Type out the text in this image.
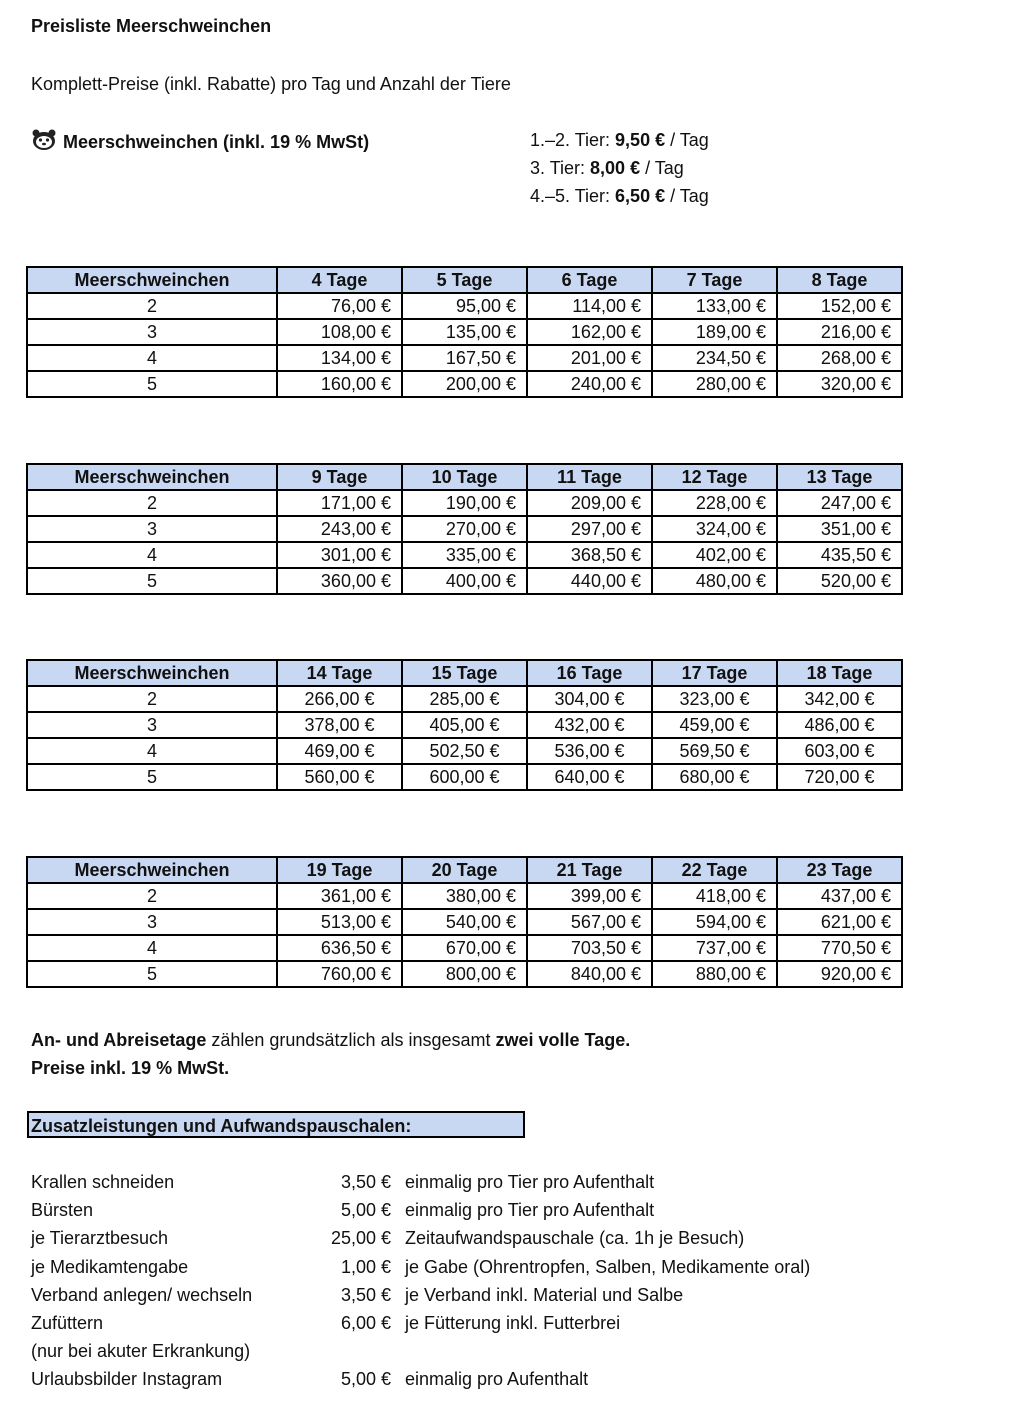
Preisliste Meerschweinchen
Komplett-Preise (inkl. Rabatte) pro Tag und Anzahl der Tiere
Meerschweinchen (inkl. 19 % MwSt)	1.–2. Tier: 9,50 € / Tag
3. Tier: 8,00 € / Tag
4.–5. Tier: 6,50 € / Tag
Meerschweinchen	4 Tage	5 Tage	6 Tage	7 Tage	8 Tage
2	76,00 €	95,00 €	114,00 €	133,00 €	152,00 €
3	108,00 €	135,00 €	162,00 €	189,00 €	216,00 €
4	134,00 €	167,50 €	201,00 €	234,50 €	268,00 €
5	160,00 €	200,00 €	240,00 €	280,00 €	320,00 €
Meerschweinchen	9 Tage	10 Tage	11 Tage	12 Tage	13 Tage
2	171,00 €	190,00 €	209,00 €	228,00 €	247,00 €
3	243,00 €	270,00 €	297,00 €	324,00 €	351,00 €
4	301,00 €	335,00 €	368,50 €	402,00 €	435,50 €
5	360,00 €	400,00 €	440,00 €	480,00 €	520,00 €
Meerschweinchen	14 Tage	15 Tage	16 Tage	17 Tage	18 Tage
2	266,00 €	285,00 €	304,00 €	323,00 €	342,00 €
3	378,00 €	405,00 €	432,00 €	459,00 €	486,00 €
4	469,00 €	502,50 €	536,00 €	569,50 €	603,00 €
5	560,00 €	600,00 €	640,00 €	680,00 €	720,00 €
Meerschweinchen	19 Tage	20 Tage	21 Tage	22 Tage	23 Tage
2	361,00 €	380,00 €	399,00 €	418,00 €	437,00 €
3	513,00 €	540,00 €	567,00 €	594,00 €	621,00 €
4	636,50 €	670,00 €	703,50 €	737,00 €	770,50 €
5	760,00 €	800,00 €	840,00 €	880,00 €	920,00 €
An- und Abreisetage zählen grundsätzlich als insgesamt zwei volle Tage.
Preise inkl. 19 % MwSt.
Zusatzleistungen und Aufwandspauschalen:
Krallen schneiden	3,50 € einmalig pro Tier pro Aufenthalt
Bürsten	5,00 € einmalig pro Tier pro Aufenthalt
je Tierarztbesuch	25,00 € Zeitaufwandspauschale (ca. 1h je Besuch)
je Medikamtengabe	1,00 € je Gabe (Ohrentropfen, Salben, Medikamente oral)
Verband anlegen/ wechseln	3,50 € je Verband inkl. Material und Salbe
Zufüttern	6,00 € je Fütterung inkl. Futterbrei
(nur bei akuter Erkrankung)
Urlaubsbilder Instagram	5,00 € einmalig pro Aufenthalt
